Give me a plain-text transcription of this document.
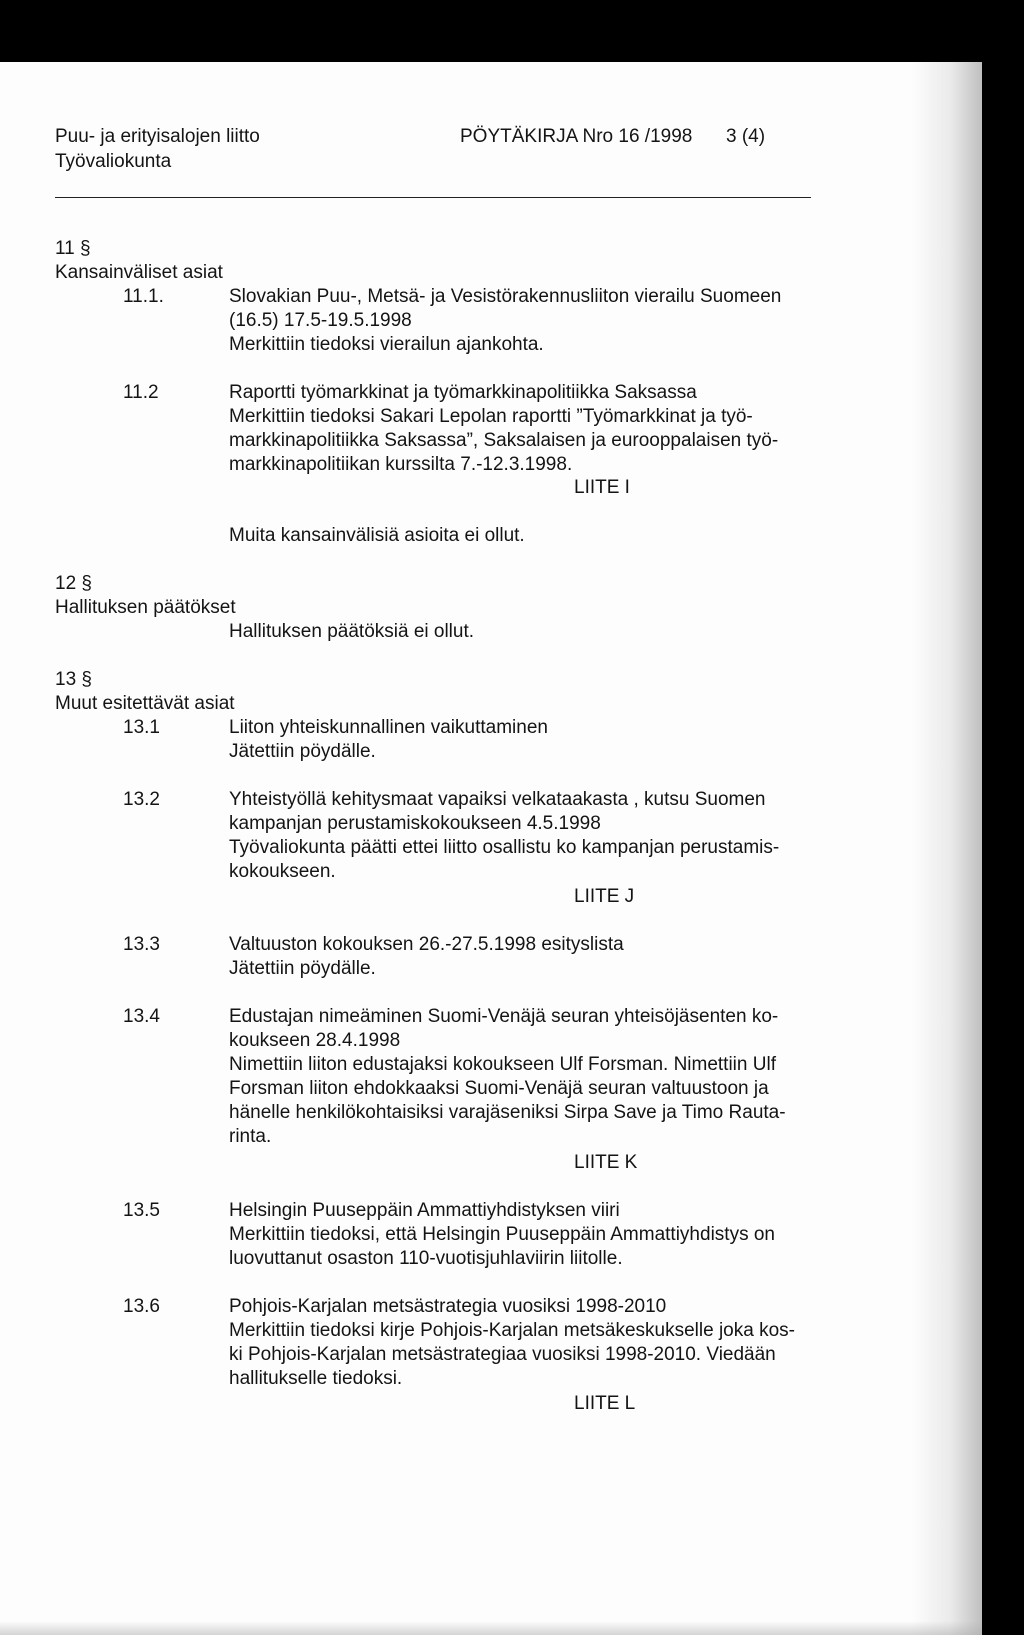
Puu- ja erityisalojen liitto
Työvaliokunta
PÖYTÄKIRJA Nro 16 /1998 3 (4)
11 §
Kansainväliset asiat
11.1.	Slovakian Puu-, Metsä- ja Vesistörakennusliiton vierailu Suomeen
(16.5) 17.5-19.5.1998
Merkittiin tiedoksi vierailun ajankohta.
11.2	Raportti työmarkkinat ja työmarkkinapolitiikka Saksassa
Merkittiin tiedoksi Sakari Lepolan raportti ”Työmarkkinat ja työ-
markkinapolitiikka Saksassa”, Saksalaisen ja eurooppalaisen työ-
markkinapolitiikan kurssilta 7.-12.3.1998.
LIITE I
Muita kansainvälisiä asioita ei ollut.
12 §
Hallituksen päätökset
Hallituksen päätöksiä ei ollut.
13 §
Muut esitettävät asiat
13.1	Liiton yhteiskunnallinen vaikuttaminen
Jätettiin pöydälle.
13.2	Yhteistyöllä kehitysmaat vapaiksi velkataakasta , kutsu Suomen
kampanjan perustamiskokoukseen 4.5.1998
Työvaliokunta päätti ettei liitto osallistu ko kampanjan perustamis-
kokoukseen.
LIITE J
13.3	Valtuuston kokouksen 26.-27.5.1998 esityslista
Jätettiin pöydälle.
13.4	Edustajan nimeäminen Suomi-Venäjä seuran yhteisöjäsenten ko-
koukseen 28.4.1998
Nimettiin liiton edustajaksi kokoukseen Ulf Forsman. Nimettiin Ulf
Forsman liiton ehdokkaaksi Suomi-Venäjä seuran valtuustoon ja
hänelle henkilökohtaisiksi varajäseniksi Sirpa Save ja Timo Rauta-
rinta.
LIITE K
13.5	Helsingin Puuseppäin Ammattiyhdistyksen viiri
Merkittiin tiedoksi, että Helsingin Puuseppäin Ammattiyhdistys on
luovuttanut osaston 110-vuotisjuhlaviirin liitolle.
13.6	Pohjois-Karjalan metsästrategia vuosiksi 1998-2010
Merkittiin tiedoksi kirje Pohjois-Karjalan metsäkeskukselle joka kos-
ki Pohjois-Karjalan metsästrategiaa vuosiksi 1998-2010. Viedään
hallitukselle tiedoksi.
LIITE L
